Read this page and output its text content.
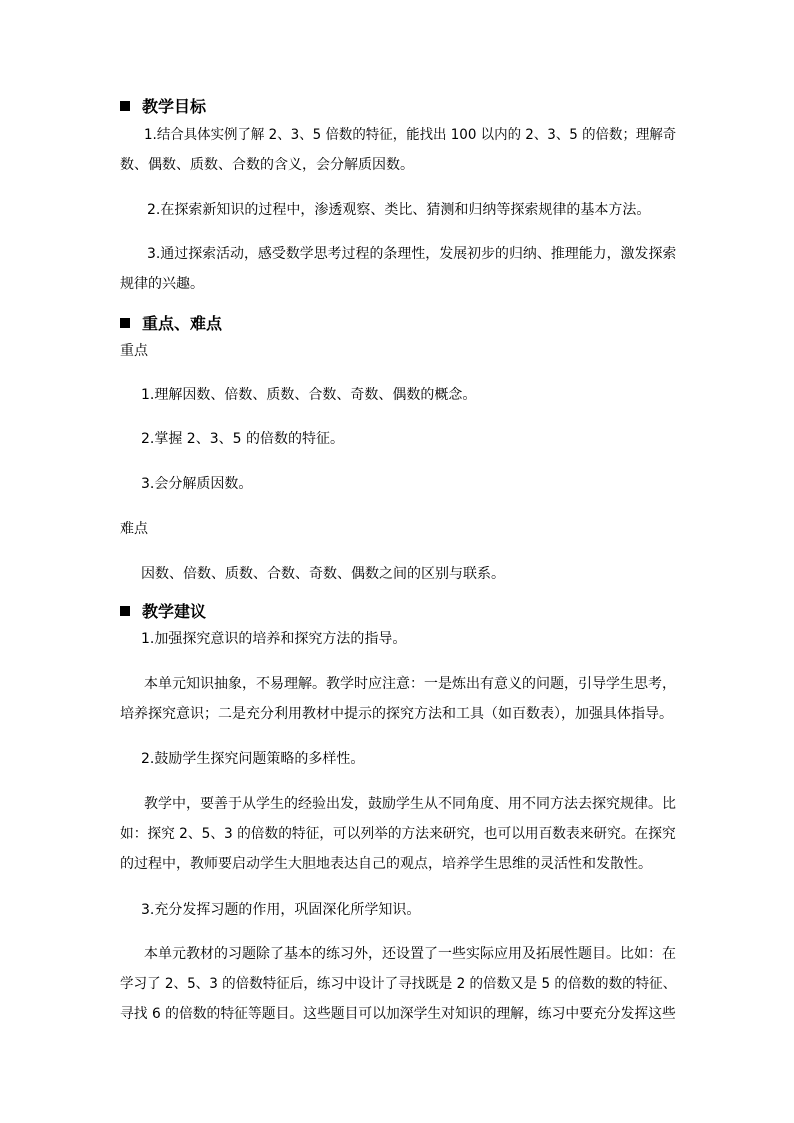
教学目标
1.结合具体实例了解 2、3、5 倍数的特征，能找出 100 以内的 2、3、5 的倍数；理解奇
数、偶数、质数、合数的含义，会分解质因数。
2.在探索新知识的过程中，渗透观察、类比、猜测和归纳等探索规律的基本方法。
3.通过探索活动，感受数学思考过程的条理性，发展初步的归纳、推理能力，激发探索
规律的兴趣。
重点、难点
重点
1.理解因数、倍数、质数、合数、奇数、偶数的概念。
2.掌握 2、3、5 的倍数的特征。
3.会分解质因数。
难点
因数、倍数、质数、合数、奇数、偶数之间的区别与联系。
教学建议
1.加强探究意识的培养和探究方法的指导。
本单元知识抽象，不易理解。教学时应注意：一是炼出有意义的问题，引导学生思考，
培养探究意识；二是充分利用教材中提示的探究方法和工具（如百数表），加强具体指导。
2.鼓励学生探究问题策略的多样性。
教学中，要善于从学生的经验出发，鼓励学生从不同角度、用不同方法去探究规律。比
如：探究 2、5、3 的倍数的特征，可以列举的方法来研究，也可以用百数表来研究。在探究
的过程中，教师要启动学生大胆地表达自己的观点，培养学生思维的灵活性和发散性。
3.充分发挥习题的作用，巩固深化所学知识。
本单元教材的习题除了基本的练习外，还设置了一些实际应用及拓展性题目。比如：在
学习了 2、5、3 的倍数特征后，练习中设计了寻找既是 2 的倍数又是 5 的倍数的数的特征、
寻找 6 的倍数的特征等题目。这些题目可以加深学生对知识的理解，练习中要充分发挥这些
